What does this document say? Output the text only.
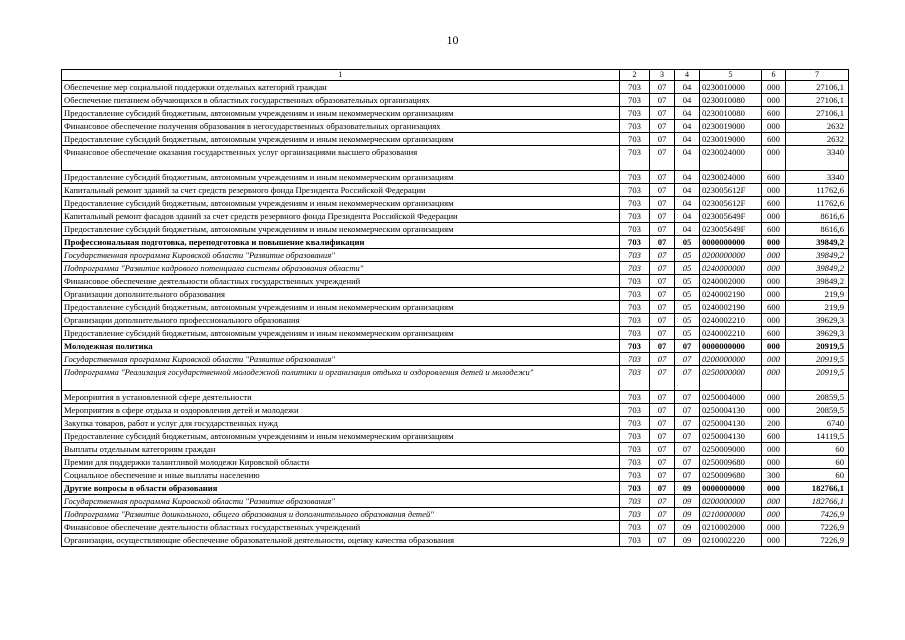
10
1	2	3	4	5	6	7
Обеспечение мер социальной поддержки отдельных категорий граждан	703	07	04	0230010000	000	27106,1
Обеспечение питанием обучающихся в областных государственных образовательных организациях	703	07	04	0230010080	000	27106,1
Предоставление субсидий бюджетным, автономным учреждениям и иным некоммерческим организациям	703	07	04	0230010080	600	27106,1
Финансовое обеспечение получения образования в негосударственных образовательных организациях	703	07	04	0230019000	000	2632
Предоставление субсидий бюджетным, автономным учреждениям и иным некоммерческим организациям	703	07	04	0230019000	600	2632
Финансовое обеспечение оказания государственных услуг организациями высшего образования	703	07	04	0230024000	000	3340
Предоставление субсидий бюджетным, автономным учреждениям и иным некоммерческим организациям	703	07	04	0230024000	600	3340
Капитальный ремонт зданий за счет средств резервного фонда Президента Российской Федерации	703	07	04	023005612F	000	11762,6
Предоставление субсидий бюджетным, автономным учреждениям и иным некоммерческим организациям	703	07	04	023005612F	600	11762,6
Капитальный ремонт фасадов зданий за счет средств резервного фонда Президента Российской Федерации	703	07	04	023005649F	000	8616,6
Предоставление субсидий бюджетным, автономным учреждениям и иным некоммерческим организациям	703	07	04	023005649F	600	8616,6
Профессиональная подготовка, переподготовка и повышение квалификации	703	07	05	0000000000	000	39849,2
Государственная программа Кировской области "Развитие образования"	703	07	05	0200000000	000	39849,2
Подпрограмма "Развитие кадрового потенциала системы образования области"	703	07	05	0240000000	000	39849,2
Финансовое обеспечение деятельности областных государственных учреждений	703	07	05	0240002000	000	39849,2
Организации дополнительного образования	703	07	05	0240002190	000	219,9
Предоставление субсидий бюджетным, автономным учреждениям и иным некоммерческим организациям	703	07	05	0240002190	600	219,9
Организации дополнительного профессионального образования	703	07	05	0240002210	000	39629,3
Предоставление субсидий бюджетным, автономным учреждениям и иным некоммерческим организациям	703	07	05	0240002210	600	39629,3
Молодежная политика	703	07	07	0000000000	000	20919,5
Государственная программа Кировской области "Развитие образования"	703	07	07	0200000000	000	20919,5
Подпрограмма "Реализация государственной молодежной политики и организация отдыха и оздоровления детей и молодежи"	703	07	07	0250000000	000	20919,5
Мероприятия в установленной сфере деятельности	703	07	07	0250004000	000	20859,5
Мероприятия в сфере отдыха и оздоровления детей и молодежи	703	07	07	0250004130	000	20859,5
Закупка товаров, работ и услуг для государственных нужд	703	07	07	0250004130	200	6740
Предоставление субсидий бюджетным, автономным учреждениям и иным некоммерческим организациям	703	07	07	0250004130	600	14119,5
Выплаты отдельным категориям граждан	703	07	07	0250009000	000	60
Премии для поддержки талантливой молодежи Кировской области	703	07	07	0250009680	000	60
Социальное обеспечение и иные выплаты населению	703	07	07	0250009680	300	60
Другие вопросы в области образования	703	07	09	0000000000	000	182766,1
Государственная программа Кировской области "Развитие образования"	703	07	09	0200000000	000	182766,1
Подпрограмма "Развитие дошкольного, общего образования и дополнительного образования детей"	703	07	09	0210000000	000	7426,9
Финансовое обеспечение деятельности областных государственных учреждений	703	07	09	0210002000	000	7226,9
Организации, осуществляющие обеспечение образовательной деятельности, оценку качества образования	703	07	09	0210002220	000	7226,9
